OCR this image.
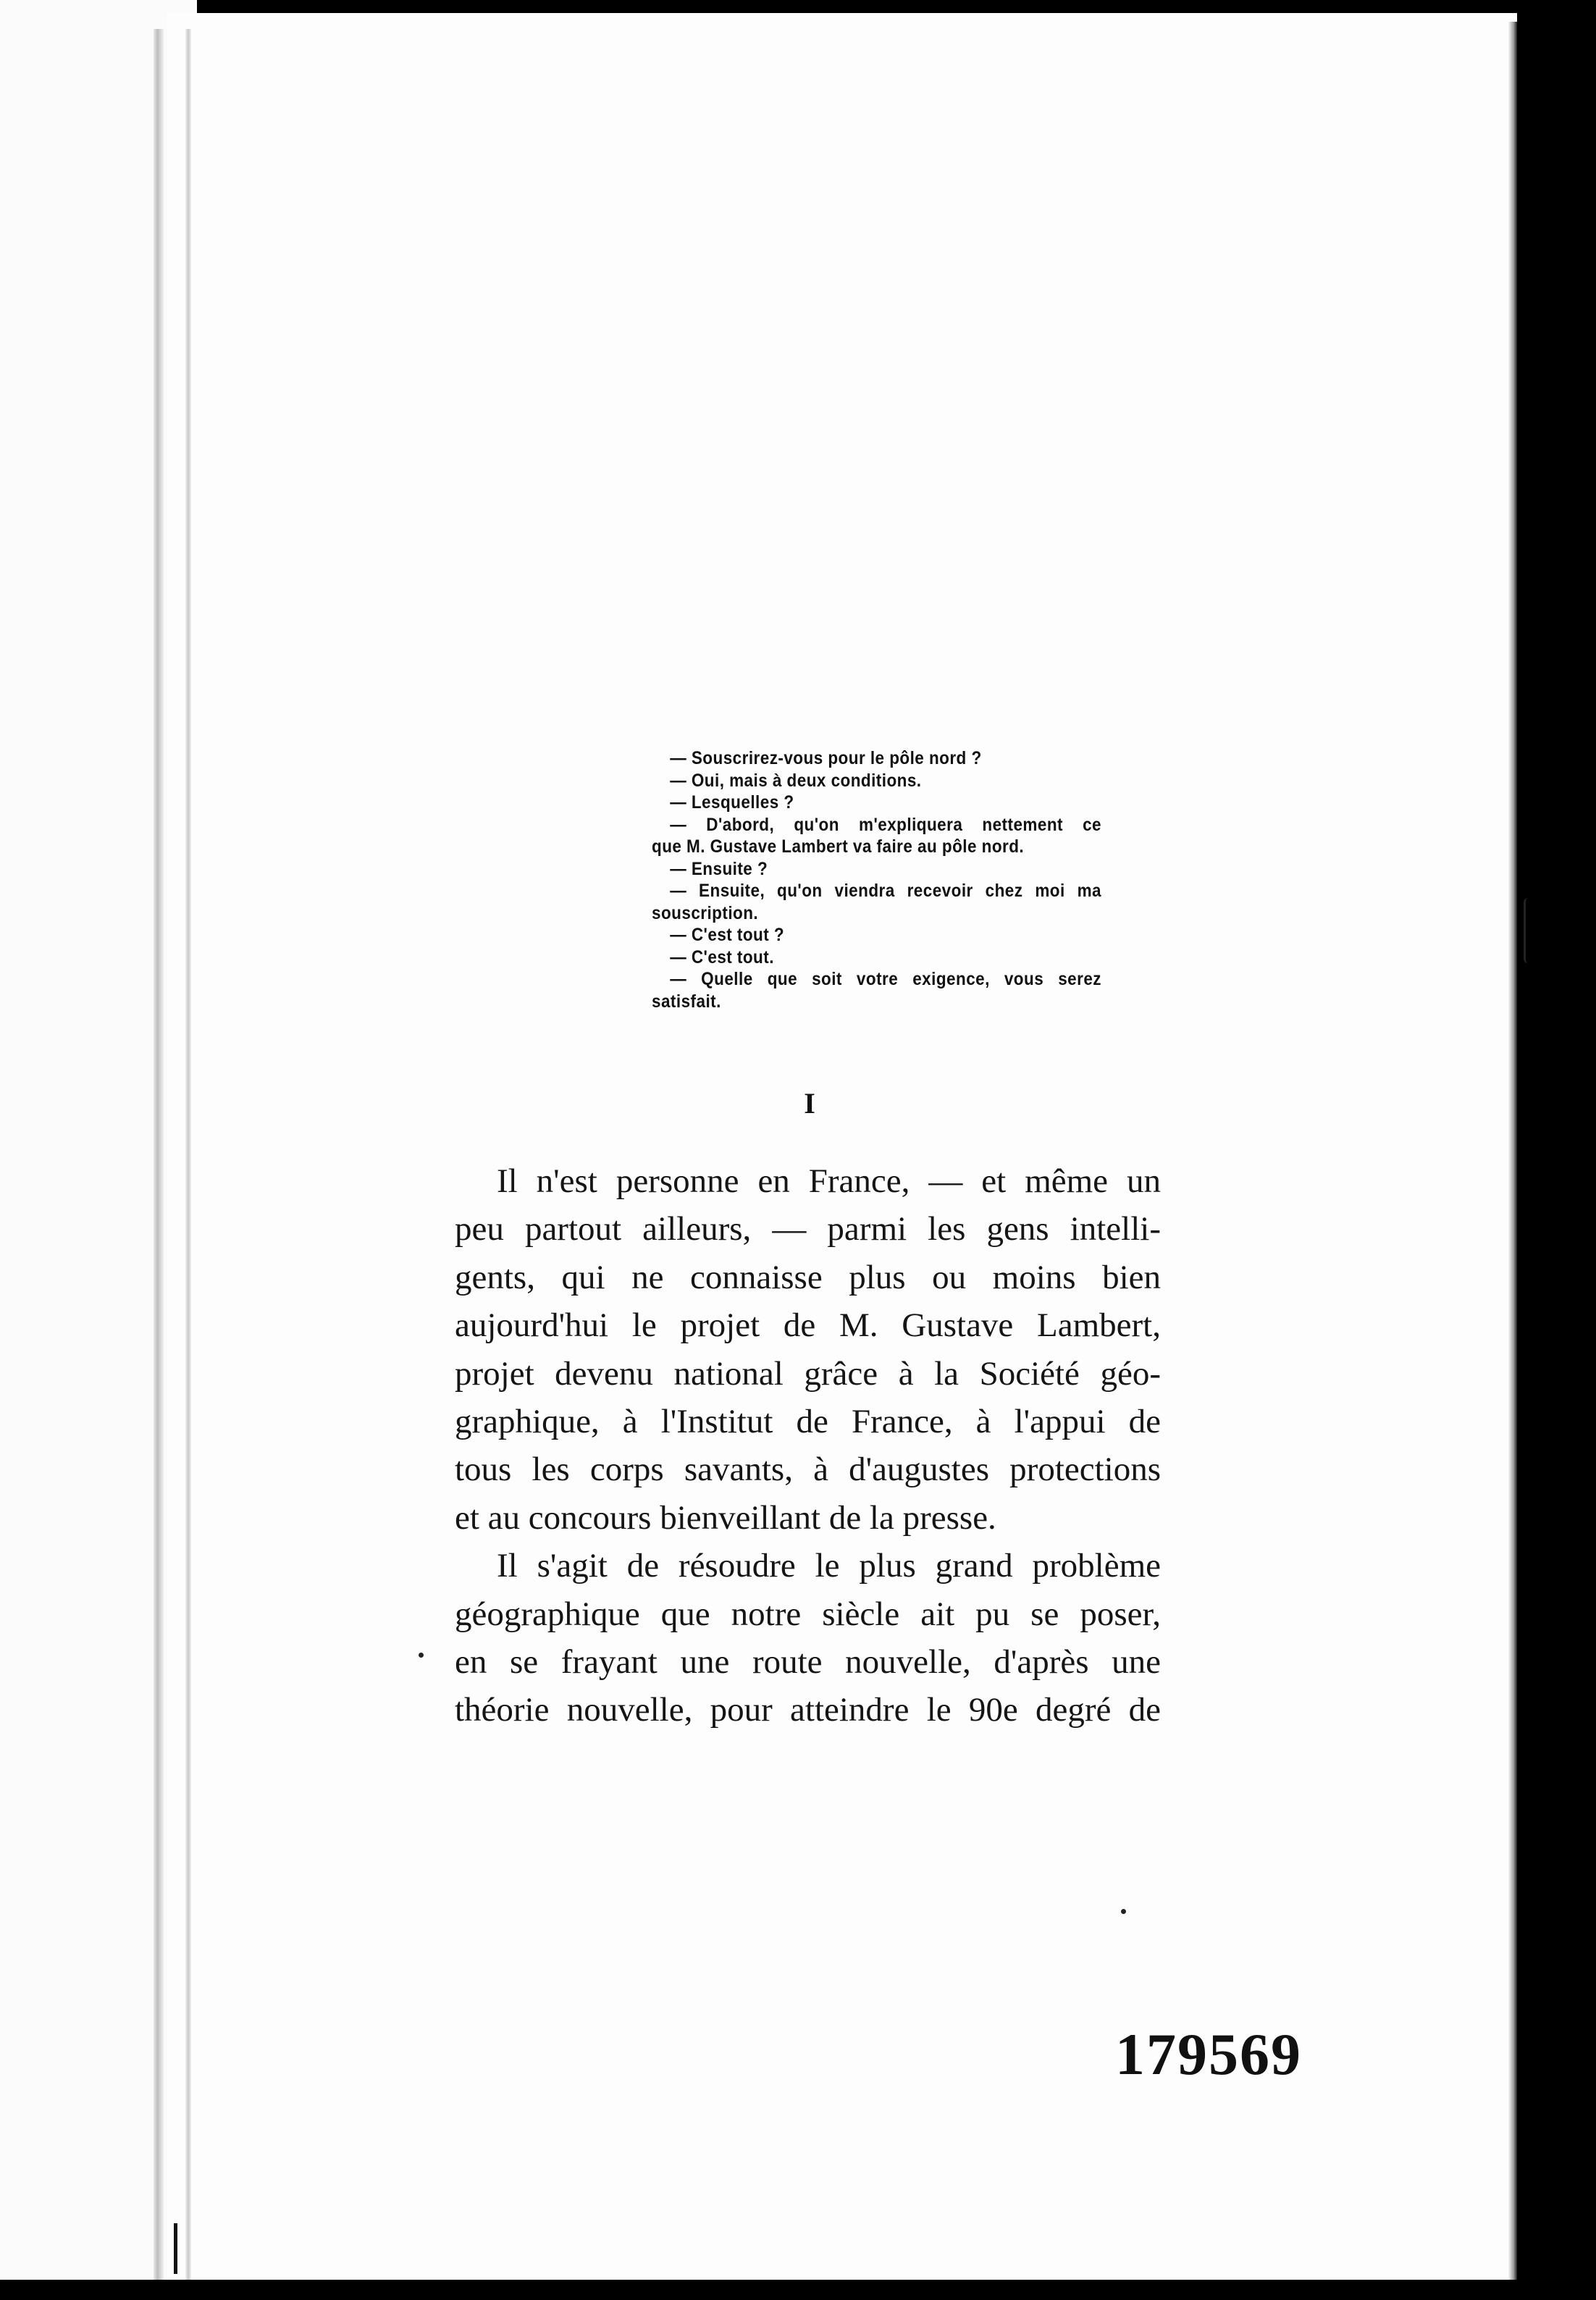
— Souscrirez-vous pour le pôle nord ?
— Oui, mais à deux conditions.
— Lesquelles ?
— D'abord, qu'on m'expliquera nettement ce
que M. Gustave Lambert va faire au pôle nord.
— Ensuite ?
— Ensuite, qu'on viendra recevoir chez moi ma
souscription.
— C'est tout ?
— C'est tout.
— Quelle que soit votre exigence, vous serez
satisfait.
I
Il n'est personne en France, — et même un
peu partout ailleurs, — parmi les gens intelli-
gents, qui ne connaisse plus ou moins bien
aujourd'hui le projet de M. Gustave Lambert,
projet devenu national grâce à la Société géo-
graphique, à l'Institut de France, à l'appui de
tous les corps savants, à d'augustes protections
et au concours bienveillant de la presse.
Il s'agit de résoudre le plus grand problème
géographique que notre siècle ait pu se poser,
en se frayant une route nouvelle, d'après une
théorie nouvelle, pour atteindre le 90e degré de
179569
